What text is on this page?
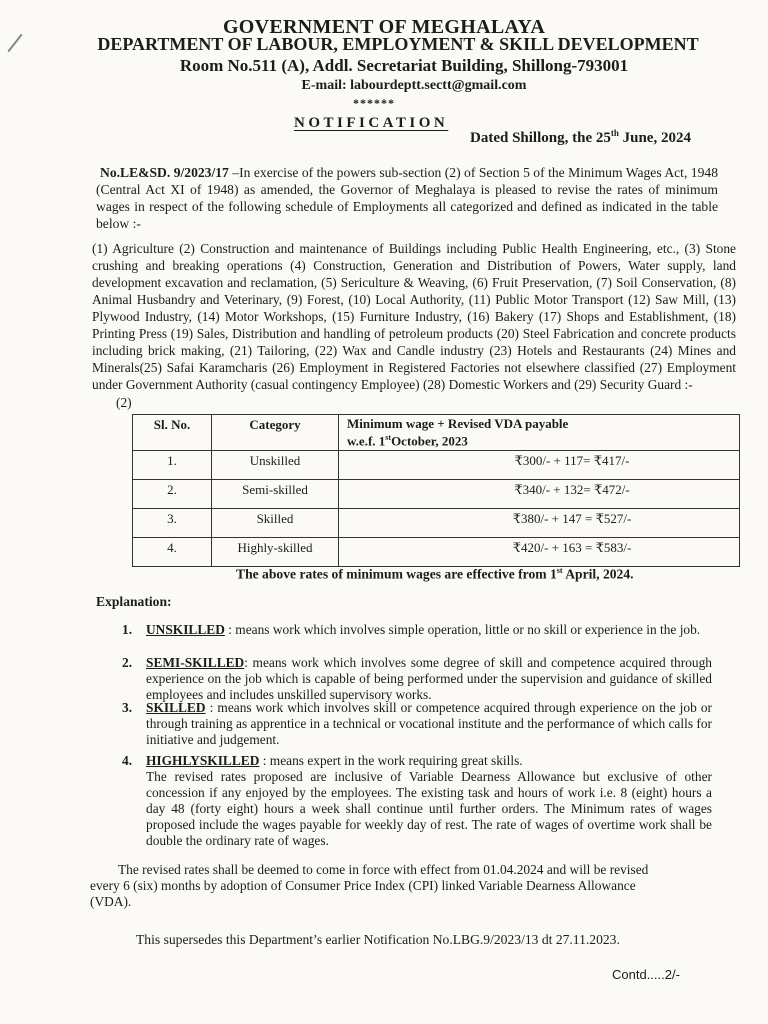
GOVERNMENT OF MEGHALAYA
DEPARTMENT OF LABOUR, EMPLOYMENT & SKILL DEVELOPMENT
Room No.511 (A), Addl. Secretariat Building, Shillong-793001
E-mail: labourdeptt.sectt@gmail.com
******
NOTIFICATION
Dated Shillong, the 25th June, 2024
No.LE&SD. 9/2023/17 –In exercise of the powers sub-section (2) of Section 5 of the Minimum Wages Act, 1948 (Central Act XI of 1948) as amended, the Governor of Meghalaya is pleased to revise the rates of minimum wages in respect of the following schedule of Employments all categorized and defined as indicated in the table below :-
(1) Agriculture (2) Construction and maintenance of Buildings including Public Health Engineering, etc., (3) Stone crushing and breaking operations (4) Construction, Generation and Distribution of Powers, Water supply, land development excavation and reclamation, (5) Sericulture & Weaving, (6) Fruit Preservation, (7) Soil Conservation, (8) Animal Husbandry and Veterinary, (9) Forest, (10) Local Authority, (11) Public Motor Transport (12) Saw Mill, (13) Plywood Industry, (14) Motor Workshops, (15) Furniture Industry, (16) Bakery (17) Shops and Establishment, (18) Printing Press (19) Sales, Distribution and handling of petroleum products (20) Steel Fabrication and concrete products including brick making, (21) Tailoring, (22) Wax and Candle industry (23) Hotels and Restaurants (24) Mines and Minerals(25) Safai Karamcharis (26) Employment in Registered Factories not elsewhere classified (27) Employment under Government Authority (casual contingency Employee) (28) Domestic Workers and (29) Security Guard :-
(2)
Sl. No.	Category	Minimum wage + Revised VDA payable
w.e.f. 1stOctober, 2023
1.	Unskilled	₹300/- + 117= ₹417/-
2.	Semi-skilled	₹340/- + 132= ₹472/-
3.	Skilled	₹380/- + 147 = ₹527/-
4.	Highly-skilled	₹420/- + 163 = ₹583/-
The above rates of minimum wages are effective from 1st April, 2024.
Explanation:
1. UNSKILLED : means work which involves simple operation, little or no skill or experience in the job.
2. SEMI-SKILLED: means work which involves some degree of skill and competence acquired through experience on the job which is capable of being performed under the supervision and guidance of skilled employees and includes unskilled supervisory works.
3. SKILLED : means work which involves skill or competence acquired through experience on the job or through training as apprentice in a technical or vocational institute and the performance of which calls for initiative and judgement.
4. HIGHLYSKILLED : means expert in the work requiring great skills.
The revised rates proposed are inclusive of Variable Dearness Allowance but exclusive of other concession if any enjoyed by the employees. The existing task and hours of work i.e. 8 (eight) hours a day 48 (forty eight) hours a week shall continue until further orders. The Minimum rates of wages proposed include the wages payable for weekly day of rest. The rate of wages of overtime work shall be double the ordinary rate of wages.
The revised rates shall be deemed to come in force with effect from 01.04.2024 and will be revised every 6 (six) months by adoption of Consumer Price Index (CPI) linked Variable Dearness Allowance (VDA).
This supersedes this Department’s earlier Notification No.LBG.9/2023/13 dt 27.11.2023.
Contd.....2/-
